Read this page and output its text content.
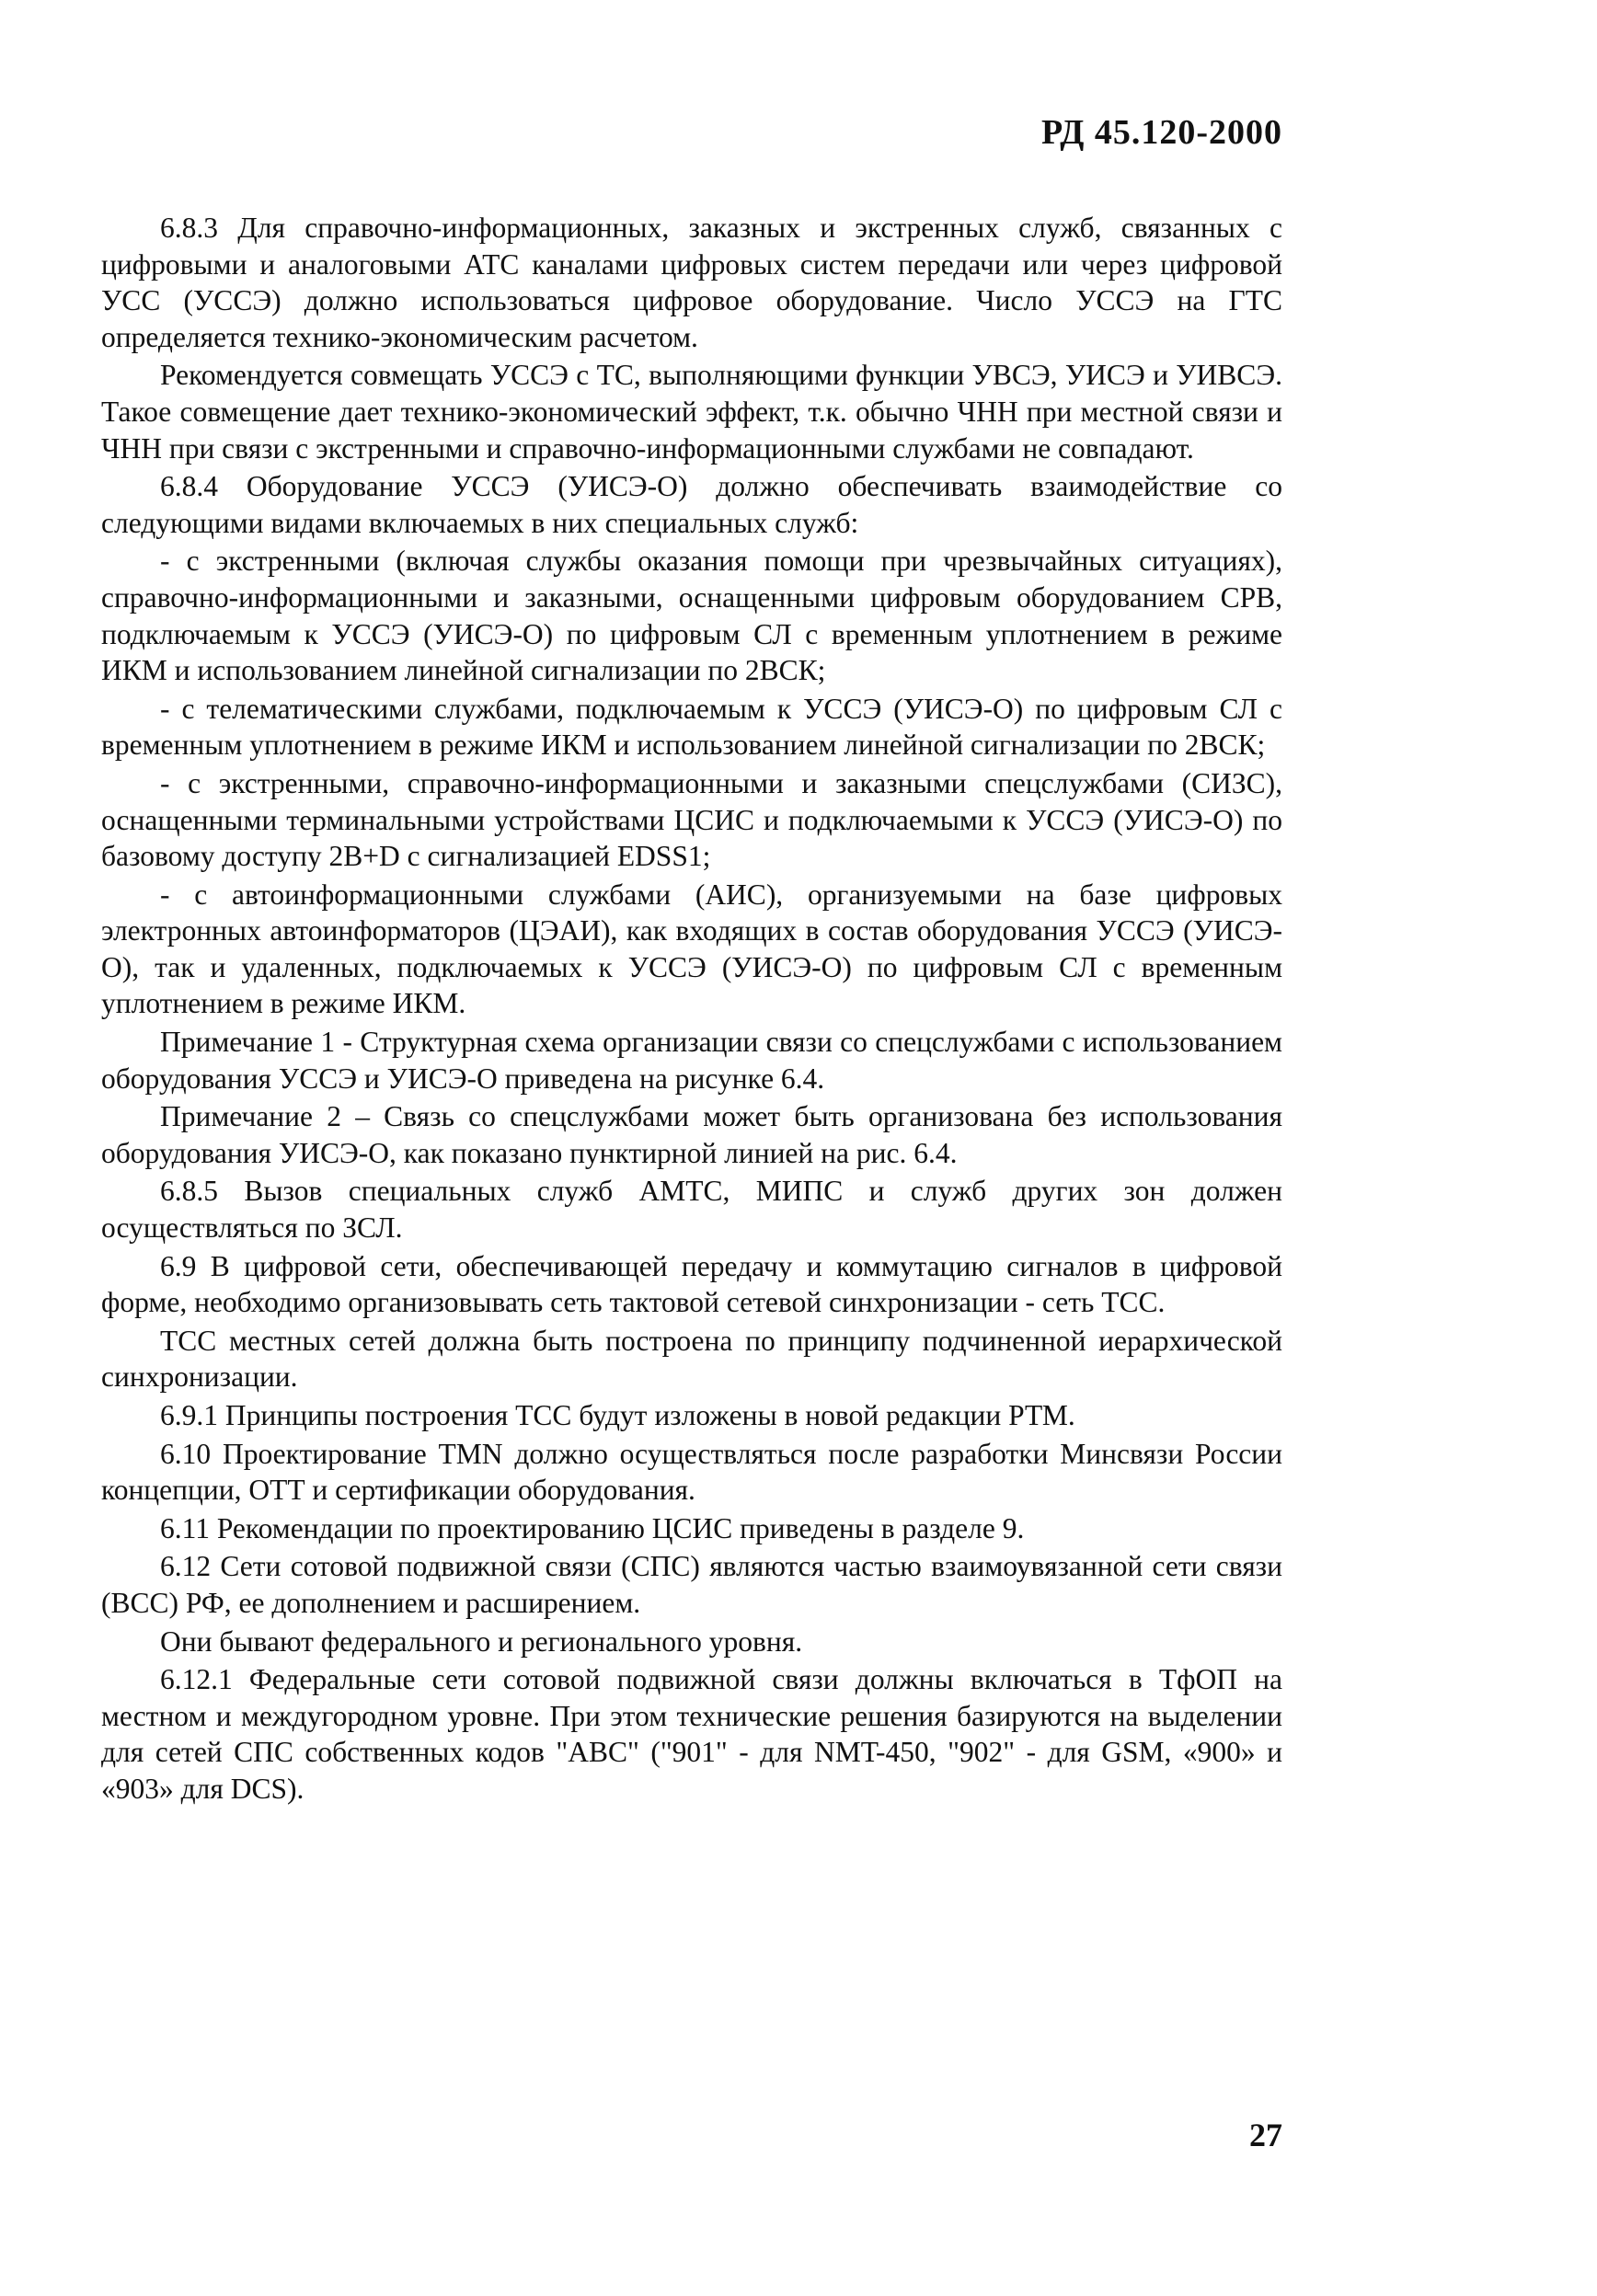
РД 45.120-2000

6.8.3 Для справочно-информационных, заказных и экстренных служб, связанных с цифровыми и аналоговыми АТС каналами цифровых систем передачи или через цифровой УСС (УССЭ) должно использоваться цифровое оборудование. Число УССЭ на ГТС определяется технико-экономическим расчетом.

Рекомендуется совмещать УССЭ с ТС, выполняющими функции УВСЭ, УИСЭ и УИВСЭ. Такое совмещение дает технико-экономический эффект, т.к. обычно ЧНН при местной связи и ЧНН при связи с экстренными и справочно-информационными службами не совпадают.

6.8.4 Оборудование УССЭ (УИСЭ-О) должно обеспечивать взаимодействие со следующими видами включаемых в них специальных служб:

- с экстренными (включая службы оказания помощи при чрезвычайных ситуациях), справочно-информационными и заказными, оснащенными цифровым оборудованием СРВ, подключаемым к УССЭ (УИСЭ-О) по цифровым СЛ с временным уплотнением в режиме ИКМ и использованием линейной сигнализации по 2ВСК;

- с телематическими службами, подключаемым к УССЭ (УИСЭ-О) по цифровым СЛ с временным уплотнением в режиме ИКМ и использованием линейной сигнализации по 2ВСК;

- с экстренными, справочно-информационными и заказными спецслужбами (СИЗС), оснащенными терминальными устройствами ЦСИС и подключаемыми к УССЭ (УИСЭ-О) по базовому доступу 2В+D с сигнализацией EDSS1;

- с автоинформационными службами (АИС), организуемыми на базе цифровых электронных автоинформаторов (ЦЭАИ), как входящих в состав оборудования УССЭ (УИСЭ-О), так и удаленных, подключаемых к УССЭ (УИСЭ-О) по цифровым СЛ с временным уплотнением в режиме ИКМ.

Примечание 1 - Структурная схема организации связи со спецслужбами с использованием оборудования УССЭ и УИСЭ-О приведена на рисунке 6.4.

Примечание 2 – Связь со спецслужбами может быть организована без использования оборудования УИСЭ-О, как показано пунктирной линией на рис. 6.4.

6.8.5 Вызов специальных служб АМТС, МИПС и служб других зон должен осуществляться по ЗСЛ.

6.9 В цифровой сети, обеспечивающей передачу и коммутацию сигналов в цифровой форме, необходимо организовывать сеть тактовой сетевой синхронизации - сеть ТСС.

ТСС местных сетей должна быть построена по принципу подчиненной иерархической синхронизации.

6.9.1 Принципы построения ТСС будут изложены в новой редакции РТМ.

6.10 Проектирование TMN должно осуществляться после разработки Минсвязи России концепции, ОТТ и сертификации оборудования.

6.11 Рекомендации по проектированию ЦСИС приведены в разделе 9.

6.12 Сети сотовой подвижной связи (СПС) являются частью взаимоувязанной сети связи (ВСС) РФ, ее дополнением и расширением.

Они бывают федерального и регионального уровня.

6.12.1 Федеральные сети сотовой подвижной связи должны включаться в ТфОП на местном и междугородном уровне. При этом технические решения базируются на выделении для сетей СПС собственных кодов "АВС" ("901" - для NMT-450, "902" - для GSM, «900» и «903» для DCS).

27
